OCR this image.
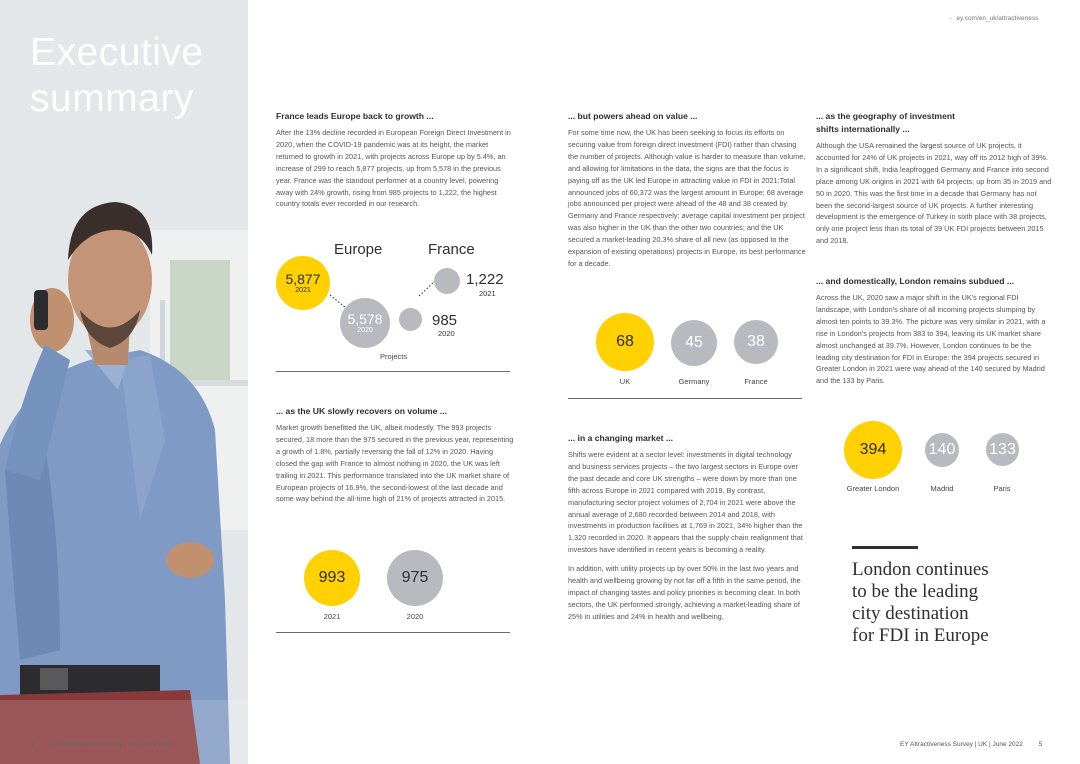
Executive
summary
4 EY Attractiveness Survey | UK | June 2022
→ ey.com/en_uk/attractiveness
France leads Europe back to growth ...

After the 13% decline recorded in European Foreign Direct Investment in 2020, when the COVID-19 pandemic was at its height, the market returned to growth in 2021, with projects across Europe up by 5.4%, an increase of 299 to reach 5,877 projects, up from 5,578 in the previous year. France was the standout performer at a country level, powering away with 24% growth, rising from 985 projects to 1,222, the highest country totals ever recorded in our research.

Europe	France
5,877
2021
5,578
2020
1,222
2021
985
2020
Projects
... as the UK slowly recovers on volume ...

Market growth benefitted the UK, albeit modestly. The 993 projects secured, 18 more than the 975 secured in the previous year, representing a growth of 1.8%, partially reversing the fall of 12% in 2020. Having closed the gap with France to almost nothing in 2020, the UK was left trailing in 2021. This performance translated into the UK market share of European projects of 16.9%, the second-lowest of the last decade and some way behind the all-time high of 21% of projects attracted in 2015.

993	975
2021	2020
... but powers ahead on value ...

For some time now, the UK has been seeking to focus its efforts on securing value from foreign direct investment (FDI) rather than chasing the number of projects. Although value is harder to measure than volume, and allowing for limitations in the data, the signs are that the focus is paying off as the UK led Europe in attracting value in FDI in 2021:Total announced jobs of 60,372 was the largest amount in Europe; 68 average jobs announced per project were ahead of the 48 and 38 created by Germany and France respectively; average capital investment per project was also higher in the UK than the other two countries; and the UK secured a market-leading 20.3% share of all new (as opposed to the expansion of existing operations) projects in Europe, its best performance for a decade.

68	45	38
UK	Germany	France
... in a changing market ...

Shifts were evident at a sector level: investments in digital technology and business services projects – the two largest sectors in Europe over the past decade and core UK strengths – were down by more than one fifth across Europe in 2021 compared with 2019. By contrast, manufacturing sector project volumes of 2,704 in 2021 were above the annual average of 2,680 recorded between 2014 and 2018, with investments in production facilities at 1,769 in 2021, 34% higher than the 1,320 recorded in 2020. It appears that the supply chain realignment that investors have identified in recent years is becoming a reality.

In addition, with utility projects up by over 50% in the last two years and health and wellbeing growing by not far off a fifth in the same period, the impact of changing tastes and policy priorities is becoming clear. In both sectors, the UK performed strongly, achieving a market-leading share of 25% in utilities and 24% in health and wellbeing.

... as the geography of investment
shifts internationally ...

Although the USA remained the largest source of UK projects, it accounted for 24% of UK projects in 2021, way off its 2012 high of 39%. In a significant shift, India leapfrogged Germany and France into second place among UK origins in 2021 with 64 projects, up from 35 in 2019 and 50 in 2020. This was the first time in a decade that Germany has not been the second-largest source of UK projects. A further interesting development is the emergence of Turkey in sixth place with 38 projects, only one project less than its total of 39 UK FDI projects between 2015 and 2018.

... and domestically, London remains subdued ...

Across the UK, 2020 saw a major shift in the UK's regional FDI landscape, with London's share of all incoming projects slumping by almost ten points to 39.3%. The picture was very similar in 2021, with a rise in London's projects from 383 to 394, leaving its UK market share almost unchanged at 39.7%. However, London continues to be the leading city destination for FDI in Europe: the 394 projects secured in Greater London in 2021 were way ahead of the 140 secured by Madrid and the 133 by Paris.

394	140 133
Greater London	Madrid	Paris
London continues
to be the leading
city destination
for FDI in Europe
EY Attractiveness Survey | UK | June 2022 5
